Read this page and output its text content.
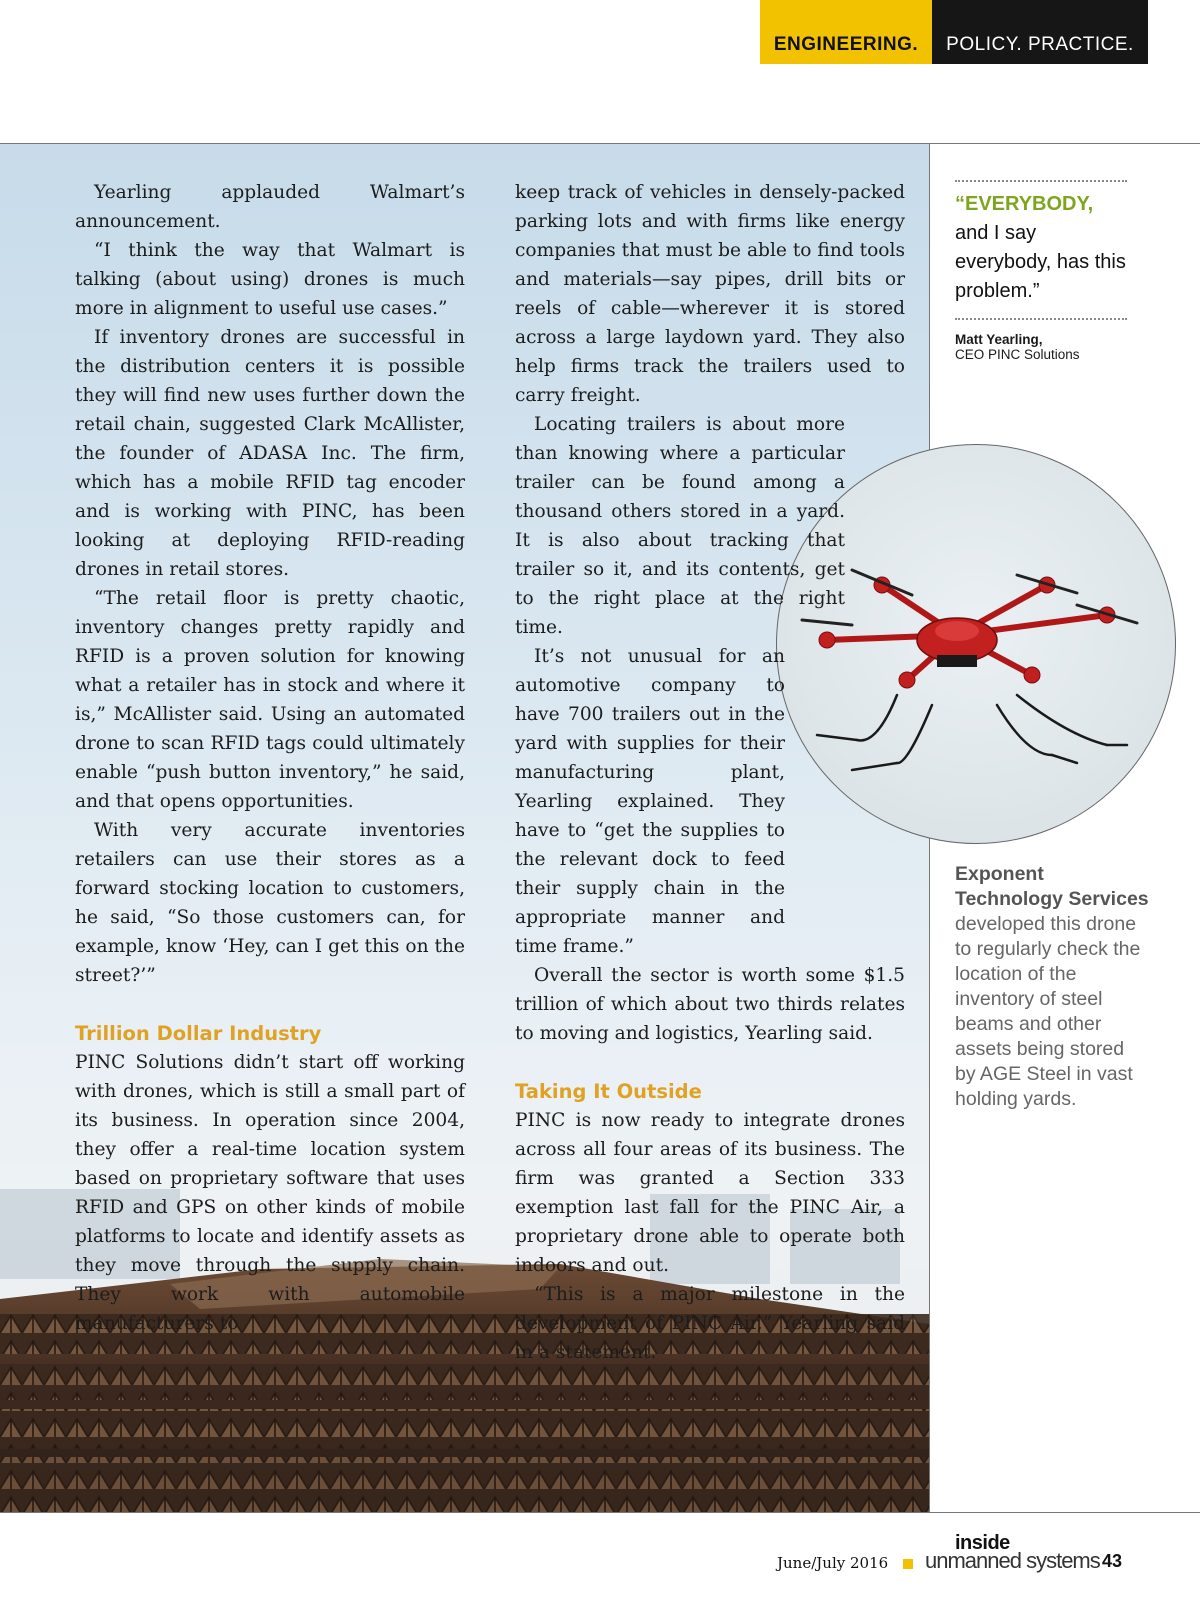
ENGINEERING.	POLICY. PRACTICE.

Yearling applauded Walmart’s announcement.

“I think the way that Walmart is talking (about using) drones is much more in alignment to useful use cases.”

If inventory drones are successful in the distribution centers it is possible they will find new uses further down the retail chain, suggested Clark McAllister, the founder of ADASA Inc. The firm, which has a mobile RFID tag encoder and is working with PINC, has been looking at deploying RFID-reading drones in retail stores.

“The retail floor is pretty chaotic, inventory changes pretty rapidly and RFID is a proven solution for knowing what a retailer has in stock and where it is,” McAllister said. Using an automated drone to scan RFID tags could ultimately enable “push button inventory,” he said, and that opens opportunities.

With very accurate inventories retailers can use their stores as a forward stocking location to customers, he said, “So those customers can, for example, know ‘Hey, can I get this on the street?’”

Trillion Dollar Industry

PINC Solutions didn’t start off working with drones, which is still a small part of its business. In operation since 2004, they offer a real-time location system based on proprietary software that uses RFID and GPS on other kinds of mobile platforms to locate and identify assets as they move through the supply chain. They work with automobile manufacturers to

keep track of vehicles in densely-packed parking lots and with firms like energy companies that must be able to find tools and materials—say pipes, drill bits or reels of cable—wherever it is stored across a large laydown yard. They also help firms track the trailers used to carry freight.

Locating trailers is about more than knowing where a particular trailer can be found among a thousand others stored in a yard. It is also about tracking that trailer so it, and its contents, get to the right place at the right time.

It’s not unusual for an automotive company to have 700 trailers out in the yard with supplies for their manufacturing plant, Yearling explained. They have to “get the supplies to the relevant dock to feed their supply chain in the appropriate manner and time frame.”

Overall the sector is worth some $1.5 trillion of which about two thirds relates to moving and logistics, Yearling said.

Taking It Outside

PINC is now ready to integrate drones across all four areas of its business. The firm was granted a Section 333 exemption last fall for the PINC Air, a proprietary drone able to operate both indoors and out.

“This is a major milestone in the development of PINC Air,” Yearling said in a statement.

“EVERYBODY, and I say everybody, has this problem.”
Matt Yearling,
CEO PINC Solutions
Exponent Technology Services developed this drone to regularly check the location of the inventory of steel beams and other assets being stored by AGE Steel in vast holding yards.
June/July 2016
inside
unmanned systems 43
